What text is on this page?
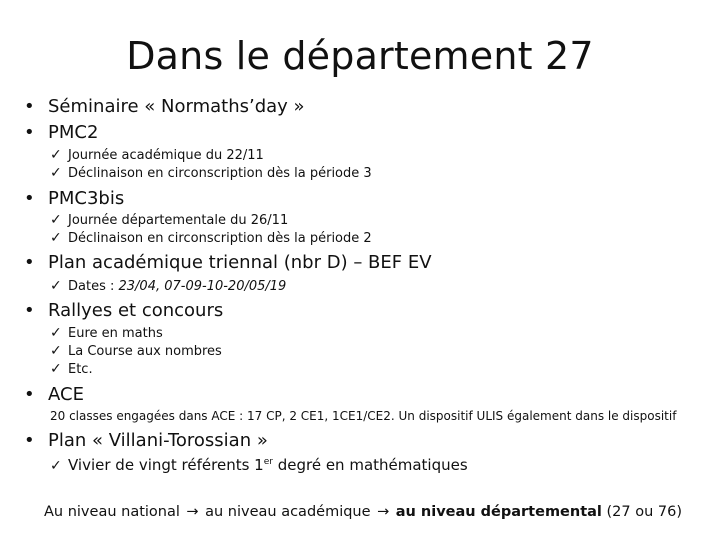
Dans le département 27
• Séminaire « Normaths’day »
• PMC2
✓ Journée académique du 22/11
✓ Déclinaison en circonscription dès la période 3
• PMC3bis
✓ Journée départementale du 26/11
✓ Déclinaison en circonscription dès la période 2
• Plan académique triennal (nbr D) – BEF EV
✓ Dates : 23/04, 07-09-10-20/05/19
• Rallyes et concours
✓ Eure en maths
✓ La Course aux nombres
✓ Etc.
• ACE
20 classes engagées dans ACE : 17 CP, 2 CE1, 1CE1/CE2. Un dispositif ULIS également dans le dispositif
• Plan « Villani-Torossian »
✓ Vivier de vingt référents 1er degré en mathématiques
Au niveau national → au niveau académique → au niveau départemental (27 ou 76)
